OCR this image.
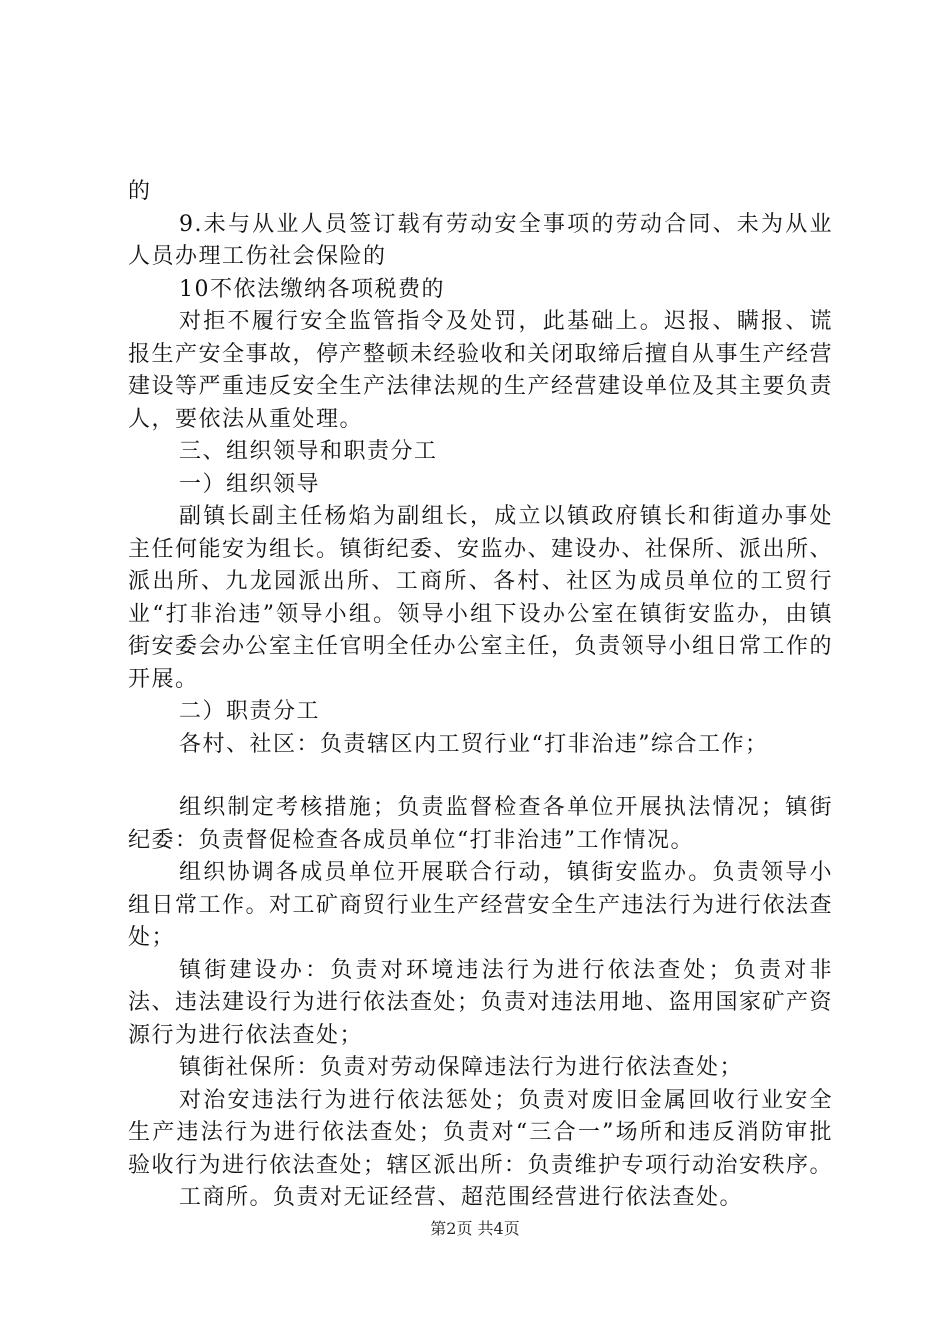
的

9.未与从业人员签订载有劳动安全事项的劳动合同、未为从业人员办理工伤社会保险的

10不依法缴纳各项税费的

对拒不履行安全监管指令及处罚，此基础上。迟报、瞒报、谎报生产安全事故，停产整顿未经验收和关闭取缔后擅自从事生产经营建设等严重违反安全生产法律法规的生产经营建设单位及其主要负责人，要依法从重处理。

三、组织领导和职责分工

一）组织领导

副镇长副主任杨焰为副组长，成立以镇政府镇长和街道办事处主任何能安为组长。镇街纪委、安监办、建设办、社保所、派出所、派出所、九龙园派出所、工商所、各村、社区为成员单位的工贸行业“打非治违”领导小组。领导小组下设办公室在镇街安监办，由镇街安委会办公室主任官明全任办公室主任，负责领导小组日常工作的开展。

二）职责分工

各村、社区：负责辖区内工贸行业“打非治违”综合工作；

组织制定考核措施；负责监督检查各单位开展执法情况；镇街纪委：负责督促检查各成员单位“打非治违”工作情况。

组织协调各成员单位开展联合行动，镇街安监办。负责领导小组日常工作。对工矿商贸行业生产经营安全生产违法行为进行依法查处；

镇街建设办：负责对环境违法行为进行依法查处；负责对非法、违法建设行为进行依法查处；负责对违法用地、盗用国家矿产资源行为进行依法查处；

镇街社保所：负责对劳动保障违法行为进行依法查处；

对治安违法行为进行依法惩处；负责对废旧金属回收行业安全生产违法行为进行依法查处；负责对“三合一”场所和违反消防审批验收行为进行依法查处；辖区派出所：负责维护专项行动治安秩序。

工商所。负责对无证经营、超范围经营进行依法查处。

第2页 共4页
